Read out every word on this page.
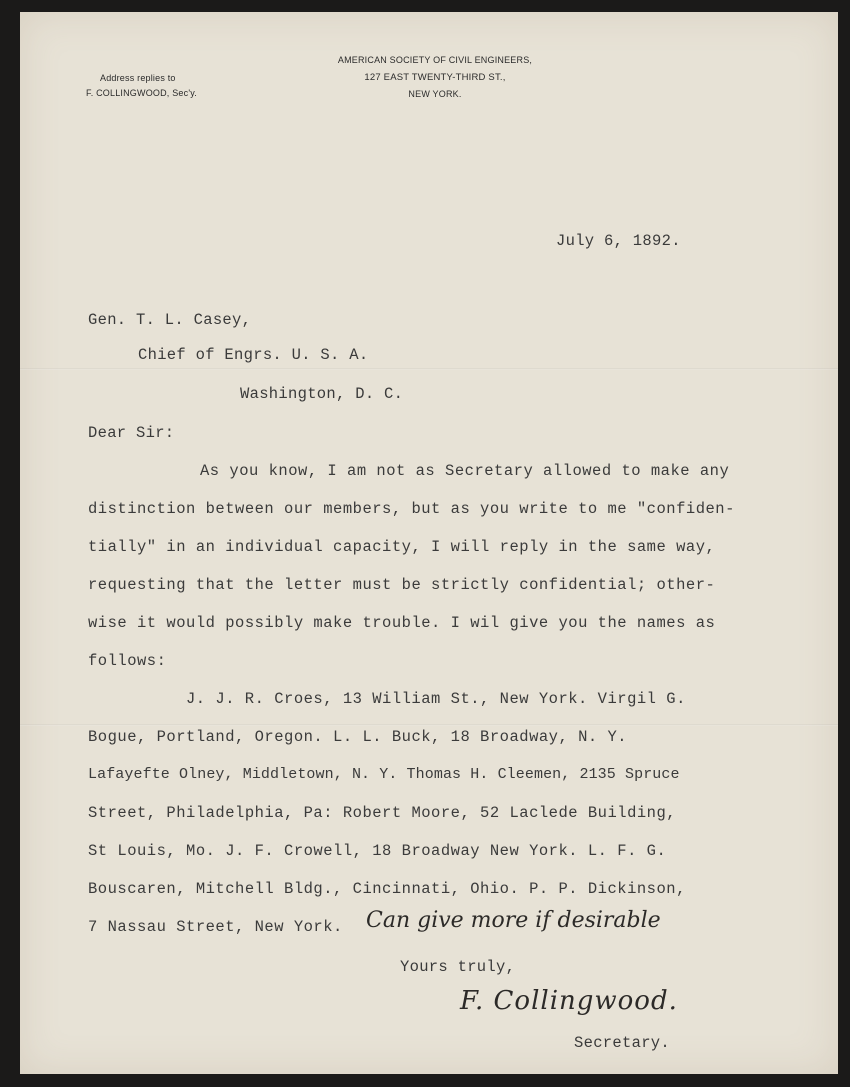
Address replies to
F. COLLINGWOOD, Sec'y.
AMERICAN SOCIETY OF CIVIL ENGINEERS,
127 EAST TWENTY-THIRD ST.,
NEW YORK.
July 6, 1892.
Gen. T. L. Casey,
Chief of Engrs. U. S. A.
Washington, D. C.
Dear Sir:
As you know, I am not as Secretary allowed to make any
distinction between our members, but as you write to me "confiden-
tially" in an individual capacity, I will reply in the same way,
requesting that the letter must be strictly confidential; other-
wise it would possibly make trouble. I wil give you the names as
follows:
J. J. R. Croes, 13 William St., New York. Virgil G.
Bogue, Portland, Oregon. L. L. Buck, 18 Broadway, N. Y.
Lafayefte Olney, Middletown, N. Y. Thomas H. Cleemen, 2135 Spruce
Street, Philadelphia, Pa: Robert Moore, 52 Laclede Building,
St Louis, Mo. J. F. Crowell, 18 Broadway New York. L. F. G.
Bouscaren, Mitchell Bldg., Cincinnati, Ohio. P. P. Dickinson,
7 Nassau Street, New York. Can give more if desirable
Yours truly,
F. Collingwood.
Secretary.
